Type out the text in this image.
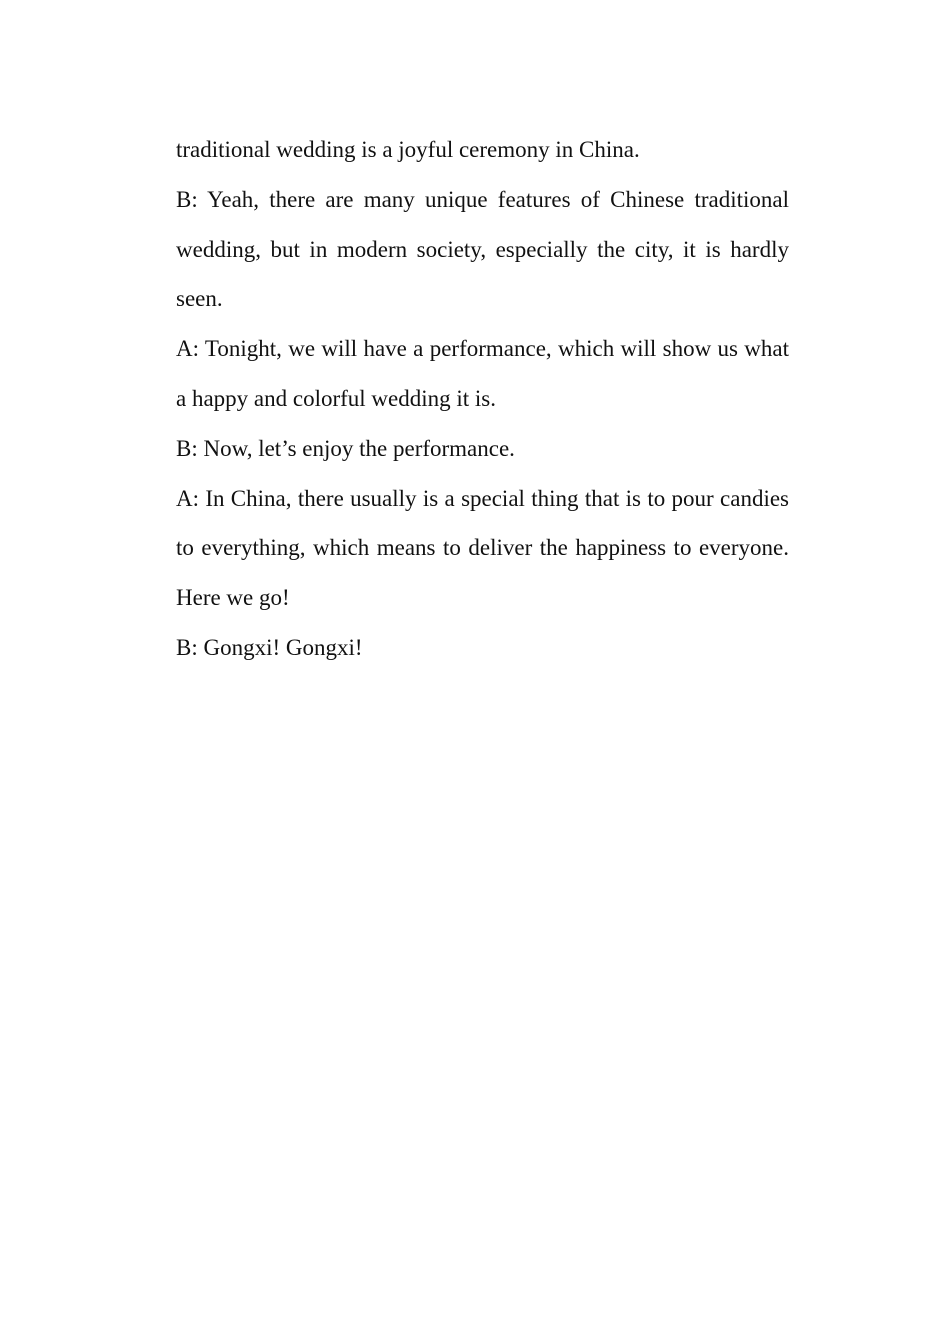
traditional wedding is a joyful ceremony in China.

B: Yeah, there are many unique features of Chinese traditional wedding, but in modern society, especially the city, it is hardly seen.

A: Tonight, we will have a performance, which will show us what a happy and colorful wedding it is.

B: Now, let’s enjoy the performance.

A: In China, there usually is a special thing that is to pour candies to everything, which means to deliver the happiness to everyone. Here we go!

B: Gongxi! Gongxi!
